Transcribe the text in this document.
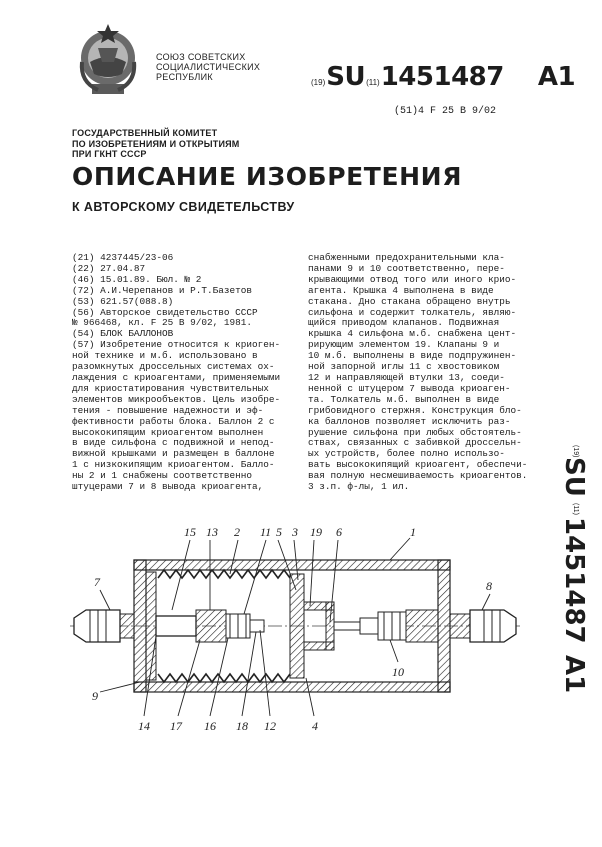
СОЮЗ СОВЕТСКИХ
СОЦИАЛИСТИЧЕСКИХ
РЕСПУБЛИК
(19)SU(11)1451487 A1
(51)4 F 25 B 9/02
ГОСУДАРСТВЕННЫЙ КОМИТЕТ
ПО ИЗОБРЕТЕНИЯМ И ОТКРЫТИЯМ
ПРИ ГКНТ СССР
ОПИСАНИЕ ИЗОБРЕТЕНИЯ
К АВТОРСКОМУ СВИДЕТЕЛЬСТВУ
(21) 4237445/23-06
(22) 27.04.87
(46) 15.01.89. Бюл. № 2
(72) А.И.Черепанов и Р.Т.Базетов
(53) 621.57(088.8)
(56) Авторское свидетельство СССР
№ 966468, кл. F 25 B 9/02, 1981.
(54) БЛОК БАЛЛОНОВ
(57) Изобретение относится к криоген-
ной технике и м.б. использовано в
разомкнутых дроссельных системах ох-
лаждения с криоагентами, применяемыми
для криостатирования чувствительных
элементов микрообъектов. Цель изобре-
тения - повышение надежности и эф-
фективности работы блока. Баллон 2 с
высококипящим криоагентом выполнен
в виде сильфона с подвижной и непод-
вижной крышками и размещен в баллоне
1 с низкокипящим криоагентом. Балло-
ны 2 и 1 снабжены соответственно
штуцерами 7 и 8 вывода криоагента,
снабженными предохранительными кла-
панами 9 и 10 соответственно, пере-
крывающими отвод того или иного крио-
агента. Крышка 4 выполнена в виде
стакана. Дно стакана обращено внутрь
сильфона и содержит толкатель, являю-
щийся приводом клапанов. Подвижная
крышка 4 сильфона м.б. снабжена цент-
рирующим элементом 19. Клапаны 9 и
10 м.б. выполнены в виде подпружинен-
ной запорной иглы 11 с хвостовиком
12 и направляющей втулки 13, соеди-
ненной с штуцером 7 вывода криоаген-
та. Толкатель м.б. выполнен в виде
грибовидного стержня. Конструкция бло-
ка баллонов позволяет исключить раз-
рушение сильфона при любых обстоятель-
ствах, связанных с забивкой дроссельн-
ых устройств, более полно использо-
вать высококипящий криоагент, обеспечи-
вая полную несмешиваемость криоагентов.
3 з.п. ф-лы, 1 ил.
(19)
SU
(11)
1451487
A1
15 13 2 11 5 3 19 6	1
14 17 16 18 12	4
7
9
8
10
